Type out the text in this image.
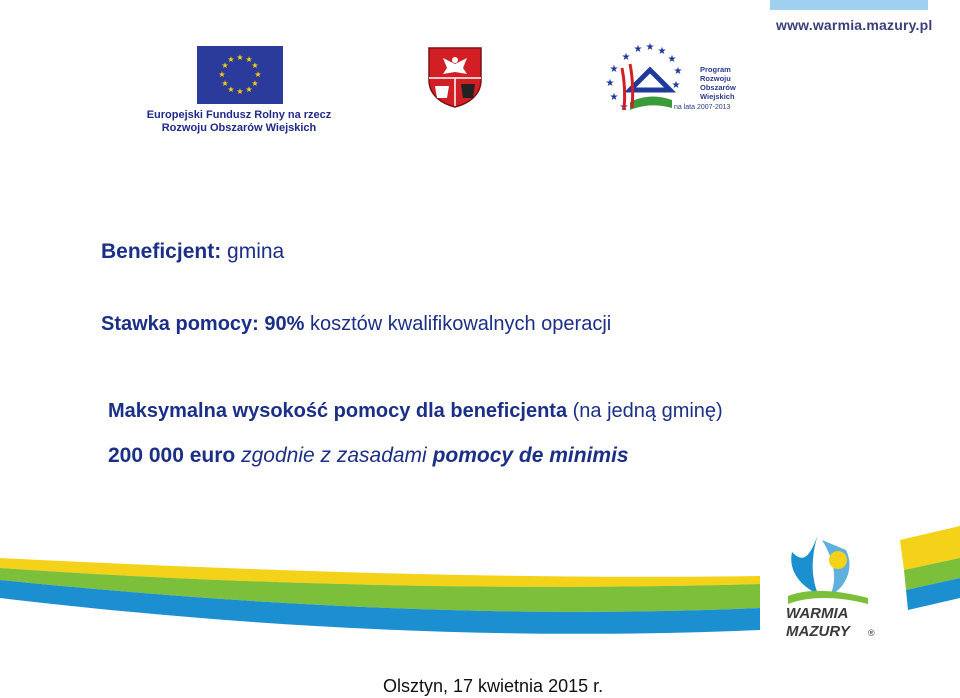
www.warmia.mazury.pl
★ ★
★
★
★
★
★
★
★
★
★
★
Europejski Fundusz Rolny na rzecz
Rozwoju Obszarów Wiejskich
★ ★
★
★
★
★
★
★
★
★
★
Program
Rozwoju
Obszarów
Wiejskich
na lata 2007-2013
Beneficjent: gmina
Stawka pomocy: 90% kosztów kwalifikowalnych operacji
Maksymalna wysokość pomocy dla beneficjenta (na jedną gminę)
200 000 euro zgodnie z zasadami pomocy de minimis
WARMIA
MAZURY ®
Olsztyn, 17 kwietnia 2015 r.
